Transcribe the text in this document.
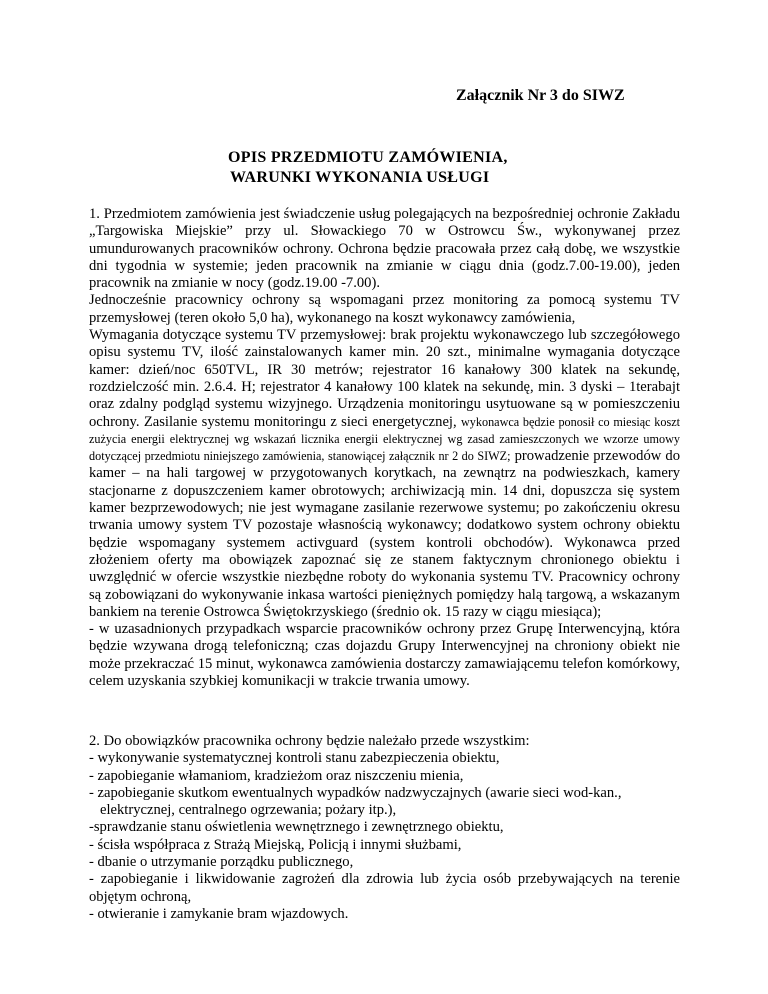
Załącznik Nr 3 do SIWZ
OPIS PRZEDMIOTU ZAMÓWIENIA,
WARUNKI WYKONANIA USŁUGI

1. Przedmiotem zamówienia jest świadczenie usług polegających na bezpośredniej ochronie Zakładu „Targowiska Miejskie” przy ul. Słowackiego 70 w Ostrowcu Św., wykonywanej przez umundurowanych pracowników ochrony. Ochrona będzie pracowała przez całą dobę, we wszystkie dni tygodnia w systemie; jeden pracownik na zmianie w ciągu dnia (godz.7.00-19.00), jeden pracownik na zmianie w nocy (godz.19.00 -7.00).

Jednocześnie pracownicy ochrony są wspomagani przez monitoring za pomocą systemu TV przemysłowej (teren około 5,0 ha), wykonanego na koszt wykonawcy zamówienia,

Wymagania dotyczące systemu TV przemysłowej: brak projektu wykonawczego lub szczegółowego opisu systemu TV, ilość zainstalowanych kamer min. 20 szt., minimalne wymagania dotyczące kamer: dzień/noc 650TVL, IR 30 metrów; rejestrator 16 kanałowy 300 klatek na sekundę, rozdzielczość min. 2.6.4. H; rejestrator 4 kanałowy 100 klatek na sekundę, min. 3 dyski – 1terabajt oraz zdalny podgląd systemu wizyjnego. Urządzenia monitoringu usytuowane są w pomieszczeniu ochrony. Zasilanie systemu monitoringu z sieci energetycznej, wykonawca będzie ponosił co miesiąc koszt zużycia energii elektrycznej wg wskazań licznika energii elektrycznej wg zasad zamieszczonych we wzorze umowy dotyczącej przedmiotu niniejszego zamówienia, stanowiącej załącznik nr 2 do SIWZ; prowadzenie przewodów do kamer – na hali targowej w przygotowanych korytkach, na zewnątrz na podwieszkach, kamery stacjonarne z dopuszczeniem kamer obrotowych; archiwizacją min. 14 dni, dopuszcza się system kamer bezprzewodowych; nie jest wymagane zasilanie rezerwowe systemu; po zakończeniu okresu trwania umowy system TV pozostaje własnością wykonawcy; dodatkowo system ochrony obiektu będzie wspomagany systemem activguard (system kontroli obchodów). Wykonawca przed złożeniem oferty ma obowiązek zapoznać się ze stanem faktycznym chronionego obiektu i uwzględnić w ofercie wszystkie niezbędne roboty do wykonania systemu TV. Pracownicy ochrony są zobowiązani do wykonywanie inkasa wartości pieniężnych pomiędzy halą targową, a wskazanym bankiem na terenie Ostrowca Świętokrzyskiego (średnio ok. 15 razy w ciągu miesiąca);

- w uzasadnionych przypadkach wsparcie pracowników ochrony przez Grupę Interwencyjną, która będzie wzywana drogą telefoniczną; czas dojazdu Grupy Interwencyjnej na chroniony obiekt nie może przekraczać 15 minut, wykonawca zamówienia dostarczy zamawiającemu telefon komórkowy, celem uzyskania szybkiej komunikacji w trakcie trwania umowy.

2. Do obowiązków pracownika ochrony będzie należało przede wszystkim:

- wykonywanie systematycznej kontroli stanu zabezpieczenia obiektu,

- zapobieganie włamaniom, kradzieżom oraz niszczeniu mienia,

- zapobieganie skutkom ewentualnych wypadków nadzwyczajnych (awarie sieci wod-kan.,

elektrycznej, centralnego ogrzewania; pożary itp.),

-sprawdzanie stanu oświetlenia wewnętrznego i zewnętrznego obiektu,

- ścisła współpraca z Strażą Miejską, Policją i innymi służbami,

- dbanie o utrzymanie porządku publicznego,

- zapobieganie i likwidowanie zagrożeń dla zdrowia lub życia osób przebywających na terenie objętym ochroną,

- otwieranie i zamykanie bram wjazdowych.
